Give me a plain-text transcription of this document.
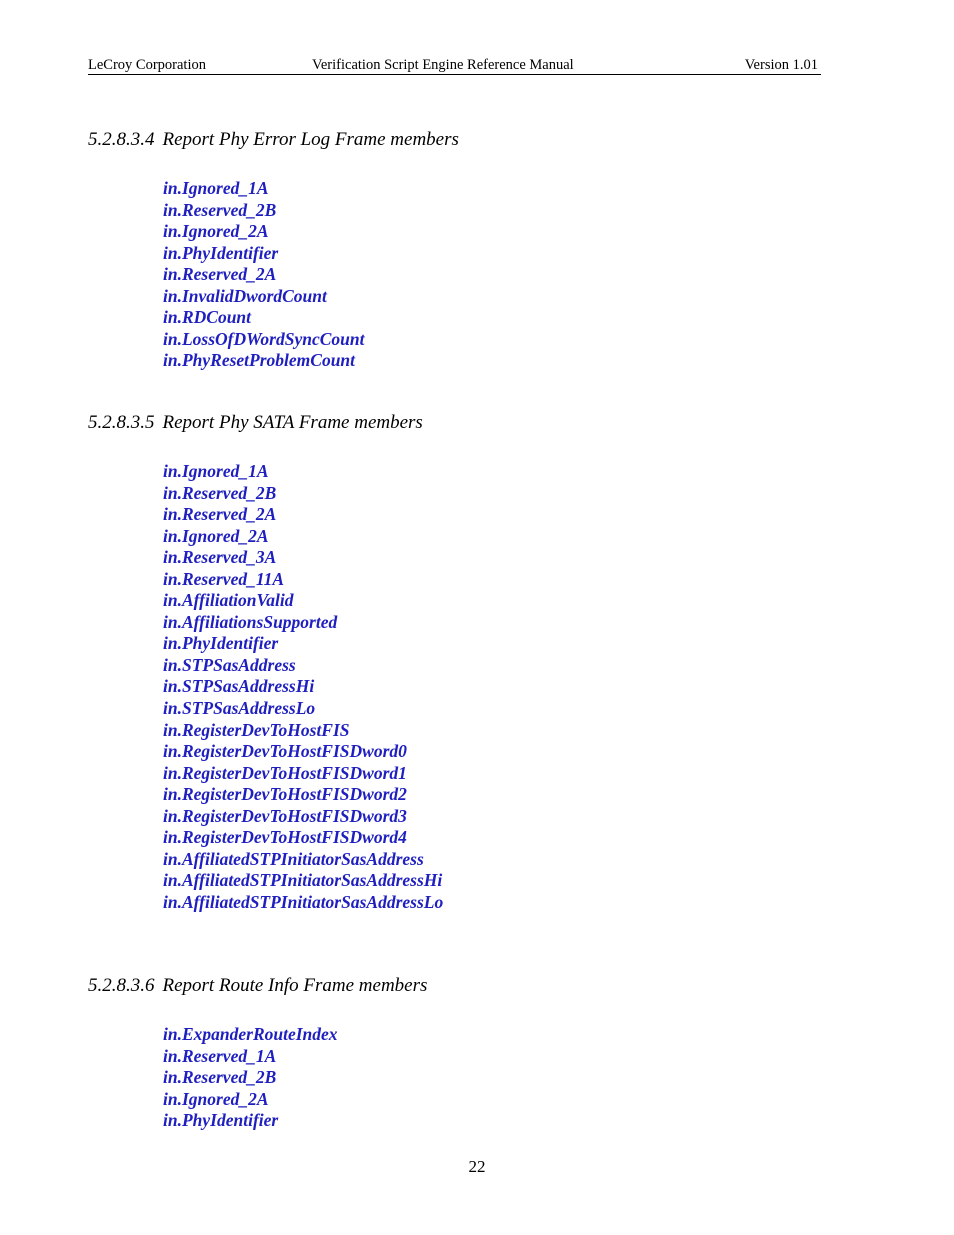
LeCroy Corporation	Verification Script Engine Reference Manual	Version 1.01
5.2.8.3.4 Report Phy Error Log Frame members
in.Ignored_1A
in.Reserved_2B
in.Ignored_2A
in.PhyIdentifier
in.Reserved_2A
in.InvalidDwordCount
in.RDCount
in.LossOfDWordSyncCount
in.PhyResetProblemCount
5.2.8.3.5 Report Phy SATA Frame members
in.Ignored_1A
in.Reserved_2B
in.Reserved_2A
in.Ignored_2A
in.Reserved_3A
in.Reserved_11A
in.AffiliationValid
in.AffiliationsSupported
in.PhyIdentifier
in.STPSasAddress
in.STPSasAddressHi
in.STPSasAddressLo
in.RegisterDevToHostFIS
in.RegisterDevToHostFISDword0
in.RegisterDevToHostFISDword1
in.RegisterDevToHostFISDword2
in.RegisterDevToHostFISDword3
in.RegisterDevToHostFISDword4
in.AffiliatedSTPInitiatorSasAddress
in.AffiliatedSTPInitiatorSasAddressHi
in.AffiliatedSTPInitiatorSasAddressLo
5.2.8.3.6 Report Route Info Frame members
in.ExpanderRouteIndex
in.Reserved_1A
in.Reserved_2B
in.Ignored_2A
in.PhyIdentifier
22
